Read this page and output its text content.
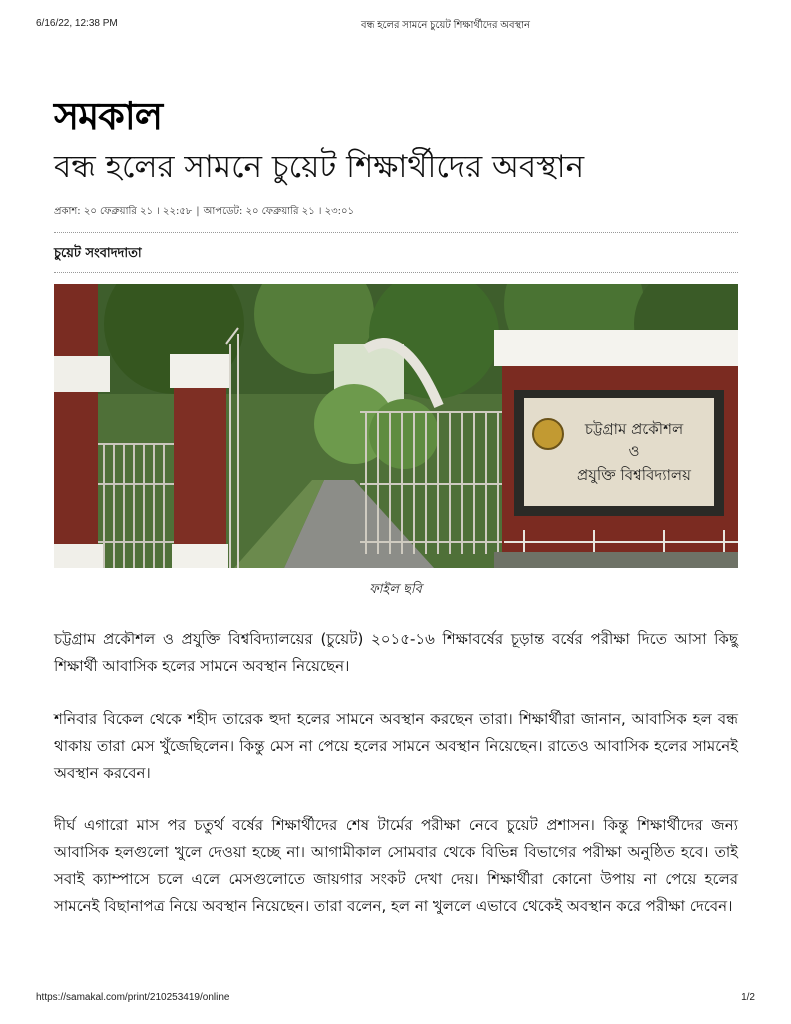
6/16/22, 12:38 PM	বন্ধ হলের সামনে চুয়েট শিক্ষার্থীদের অবস্থান
সমকাল
বন্ধ হলের সামনে চুয়েট শিক্ষার্থীদের অবস্থান
প্রকাশ: ২০ ফেব্রুয়ারি ২১ । ২২:৫৮ | আপডেট: ২০ ফেব্রুয়ারি ২১ । ২৩:০১
চুয়েট সংবাদদাতা
চট্টগ্রাম প্রকৌশল
ও
প্রযুক্তি বিশ্ববিদ্যালয়
ফাইল ছবি

চট্টগ্রাম প্রকৌশল ও প্রযুক্তি বিশ্ববিদ্যালয়ের (চুয়েট) ২০১৫-১৬ শিক্ষাবর্ষের চূড়ান্ত বর্ষের পরীক্ষা দিতে আসা কিছু শিক্ষার্থী আবাসিক হলের সামনে অবস্থান নিয়েছেন।

শনিবার বিকেল থেকে শহীদ তারেক হুদা হলের সামনে অবস্থান করছেন তারা। শিক্ষার্থীরা জানান, আবাসিক হল বন্ধ থাকায় তারা মেস খুঁজেছিলেন। কিন্তু মেস না পেয়ে হলের সামনে অবস্থান নিয়েছেন। রাতেও আবাসিক হলের সামনেই অবস্থান করবেন।

দীর্ঘ এগারো মাস পর চতুর্থ বর্ষের শিক্ষার্থীদের শেষ টার্মের পরীক্ষা নেবে চুয়েট প্রশাসন। কিন্তু শিক্ষার্থীদের জন্য আবাসিক হলগুলো খুলে দেওয়া হচ্ছে না। আগামীকাল সোমবার থেকে বিভিন্ন বিভাগের পরীক্ষা অনুষ্ঠিত হবে। তাই সবাই ক্যাম্পাসে চলে এলে মেসগুলোতে জায়গার সংকট দেখা দেয়। শিক্ষার্থীরা কোনো উপায় না পেয়ে হলের সামনেই বিছানাপত্র নিয়ে অবস্থান নিয়েছেন। তারা বলেন, হল না খুললে এভাবে থেকেই অবস্থান করে পরীক্ষা দেবেন।

https://samakal.com/print/210253419/online	1/2
